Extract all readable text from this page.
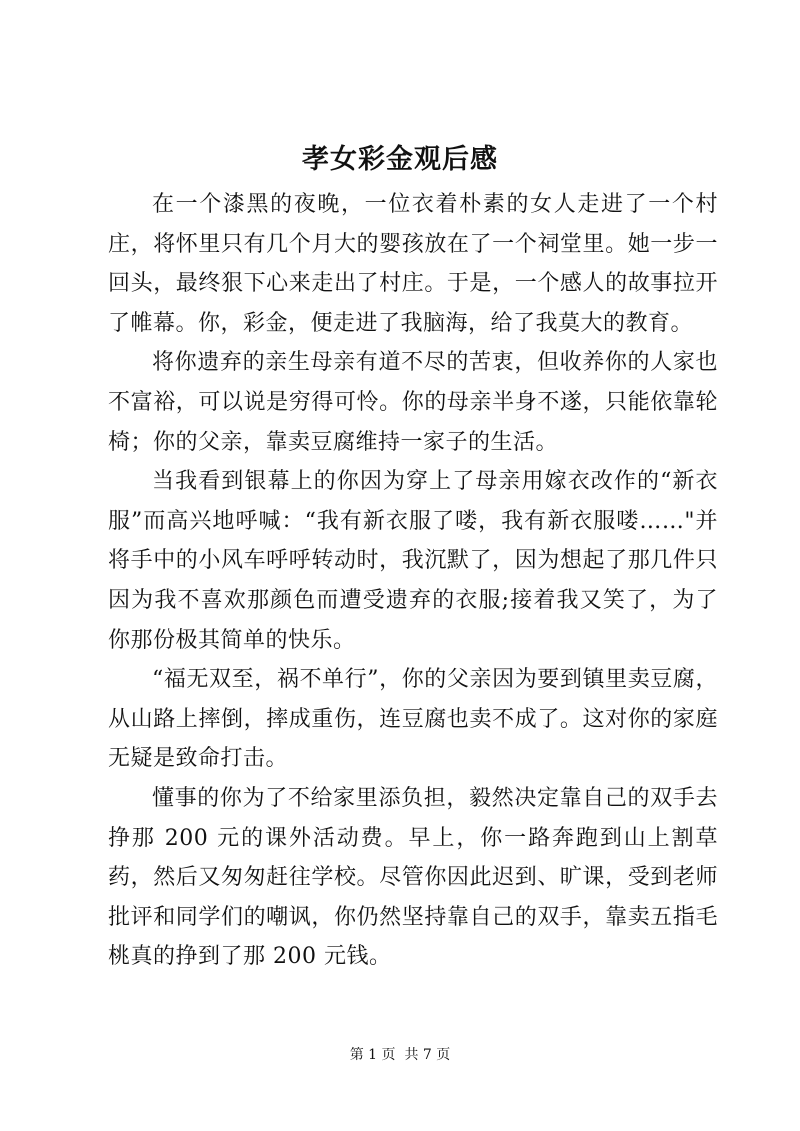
孝女彩金观后感

在一个漆黑的夜晚，一位衣着朴素的女人走进了一个村庄，将怀里只有几个月大的婴孩放在了一个祠堂里。她一步一回头，最终狠下心来走出了村庄。于是，一个感人的故事拉开了帷幕。你，彩金，便走进了我脑海，给了我莫大的教育。

将你遗弃的亲生母亲有道不尽的苦衷，但收养你的人家也不富裕，可以说是穷得可怜。你的母亲半身不遂，只能依靠轮椅；你的父亲，靠卖豆腐维持一家子的生活。

当我看到银幕上的你因为穿上了母亲用嫁衣改作的“新衣服”而高兴地呼喊：“我有新衣服了喽，我有新衣服喽……"并将手中的小风车呼呼转动时，我沉默了，因为想起了那几件只因为我不喜欢那颜色而遭受遗弃的衣服;接着我又笑了，为了你那份极其简单的快乐。

“福无双至，祸不单行”，你的父亲因为要到镇里卖豆腐，从山路上摔倒，摔成重伤，连豆腐也卖不成了。这对你的家庭无疑是致命打击。

懂事的你为了不给家里添负担，毅然决定靠自己的双手去挣那 200 元的课外活动费。早上，你一路奔跑到山上割草药，然后又匆匆赶往学校。尽管你因此迟到、旷课，受到老师批评和同学们的嘲讽，你仍然坚持靠自己的双手，靠卖五指毛桃真的挣到了那 200 元钱。

第 1 页  共 7 页
